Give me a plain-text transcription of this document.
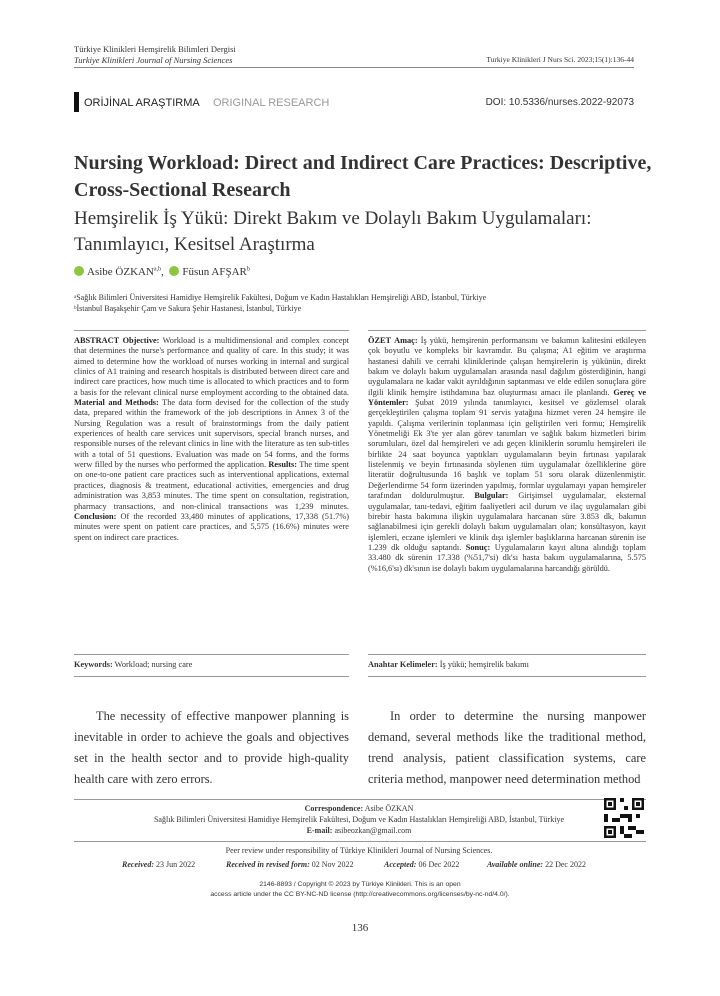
Türkiye Klinikleri Hemşirelik Bilimleri Dergisi
Turkiye Klinikleri Journal of Nursing Sciences	Turkiye Klinikleri J Nurs Sci. 2023;15(1):136-44
ORİJİNAL ARAŞTIRMA ORIGINAL RESEARCH	DOI: 10.5336/nurses.2022-92073
Nursing Workload: Direct and Indirect Care Practices: Descriptive, Cross-Sectional Research
Hemşirelik İş Yükü: Direkt Bakım ve Dolaylı Bakım Uygulamaları: Tanımlayıcı, Kesitsel Araştırma
Asibe ÖZKAN$^{a,b}$,  Füsun AFŞAR$^b$
ᵃSağlık Bilimleri Üniversitesi Hamidiye Hemşirelik Fakültesi, Doğum ve Kadın Hastalıkları Hemşireliği ABD, İstanbul, Türkiye
ᵇİstanbul Başakşehir Çam ve Sakura Şehir Hastanesi, İstanbul, Türkiye
ABSTRACT Objective: Workload is a multidimensional and complex concept that determines the nurse's performance and quality of care. In this study; it was aimed to determine how the workload of nurses working in internal and surgical clinics of A1 training and research hospitals is distributed between direct care and indirect care practices, how much time is allocated to which practices and to form a basis for the relevant clinical nurse employment according to the obtained data. Material and Methods: The data form devised for the collection of the study data, prepared within the framework of the job descriptions in Annex 3 of the Nursing Regulation was a result of brainstormings from the daily patient experiences of health care services unit supervisors, special branch nurses, and responsible nurses of the relevant clinics in line with the literature as ten sub-titles with a total of 51 questions. Evaluation was made on 54 forms, and the forms werw filled by the nurses who performed the application. Results: The time spent on one-to-one patient care practices such as interventional applications, external practices, diagnosis & treatment, educational activities, emergencies and drug administration was 3,853 minutes. The time spent on consultation, registration, pharmacy transactions, and non-clinical transactions was 1,239 minutes. Conclusion: Of the recorded 33,480 minutes of applications, 17,338 (51.7%) minutes were spent on patient care practices, and 5,575 (16.6%) minutes were spent on indirect care practices.
ÖZET Amaç: İş yükü, hemşirenin performansını ve bakımın kalitesini etkileyen çok boyutlu ve kompleks bir kavramdır. Bu çalışma; A1 eğitim ve araştırma hastanesi dahili ve cerrahi kliniklerinde çalışan hemşirelerin iş yükünün, direkt bakım ve dolaylı bakım uygulamaları arasında nasıl dağılım gösterdiğinin, hangi uygulamalara ne kadar vakit ayrıldığının saptanması ve elde edilen sonuçlara göre ilgili klinik hemşire istihdamına baz oluşturması amacı ile planlandı. Gereç ve Yöntemler: Şubat 2019 yılında tanımlayıcı, kesitsel ve gözlemsel olarak gerçekleştirilen çalışma toplam 91 servis yatağına hizmet veren 24 hemşire ile yapıldı. Çalışma verilerinin toplanması için geliştirilen veri formu; Hemşirelik Yönetmeliği Ek 3'te yer alan görev tanımları ve sağlık bakım hizmetleri birim sorumluları, özel dal hemşireleri ve adı geçen kliniklerin sorumlu hemşireleri ile birlikte 24 saat boyunca yaptıkları uygulamaların beyin fırtınası yapılarak listelenmiş ve beyin fırtınasında söylenen tüm uygulamalar özelliklerine göre literatür doğrultusunda 16 başlık ve toplam 51 soru olarak düzenlenmiştir. Değerlendirme 54 form üzerinden yapılmış, formlar uygulamayı yapan hemşireler tarafından doldurulmuştur. Bulgular: Girişimsel uygulamalar, eksternal uygulamalar, tanı-tedavi, eğitim faaliyetleri acil durum ve ilaç uygulamaları gibi birebir hasta bakımına ilişkin uygulamalara harcanan süre 3.853 dk, bakımın sağlanabilmesi için gerekli dolaylı bakım uygulamaları olan; konsültasyon, kayıt işlemleri, eczane işlemleri ve klinik dışı işlemler başlıklarına harcanan sürenin ise 1.239 dk olduğu saptandı. Sonuç: Uygulamaların kayıt altına alındığı toplam 33.480 dk sürenin 17.338 (%51,7'si) dk'sı hasta bakım uygulamalarına, 5.575 (%16,6'sı) dk'sının ise dolaylı bakım uygulamalarına harcandığı görüldü.
Keywords: Workload; nursing care	Anahtar Kelimeler: İş yükü; hemşirelik bakımı
The necessity of effective manpower planning is inevitable in order to achieve the goals and objectives set in the health sector and to provide high-quality health care with zero errors.
In order to determine the nursing manpower demand, several methods like the traditional method, trend analysis, patient classification systems, care criteria method, manpower need determination method
Correspondence: Asibe ÖZKAN
Sağlık Bilimleri Üniversitesi Hamidiye Hemşirelik Fakültesi, Doğum ve Kadın Hastalıkları Hemşireliği ABD, İstanbul, Türkiye
E-mail: asibeozkan@gmail.com
Peer review under responsibility of Türkiye Klinikleri Journal of Nursing Sciences.
Received: 23 Jun 2022	Received in revised form: 02 Nov 2022	Accepted: 06 Dec 2022	Available online: 22 Dec 2022
2146-8893 / Copyright © 2023 by Türkiye Klinikleri. This is an open
access article under the CC BY-NC-ND license (http://creativecommons.org/licenses/by-nc-nd/4.0/).
136
